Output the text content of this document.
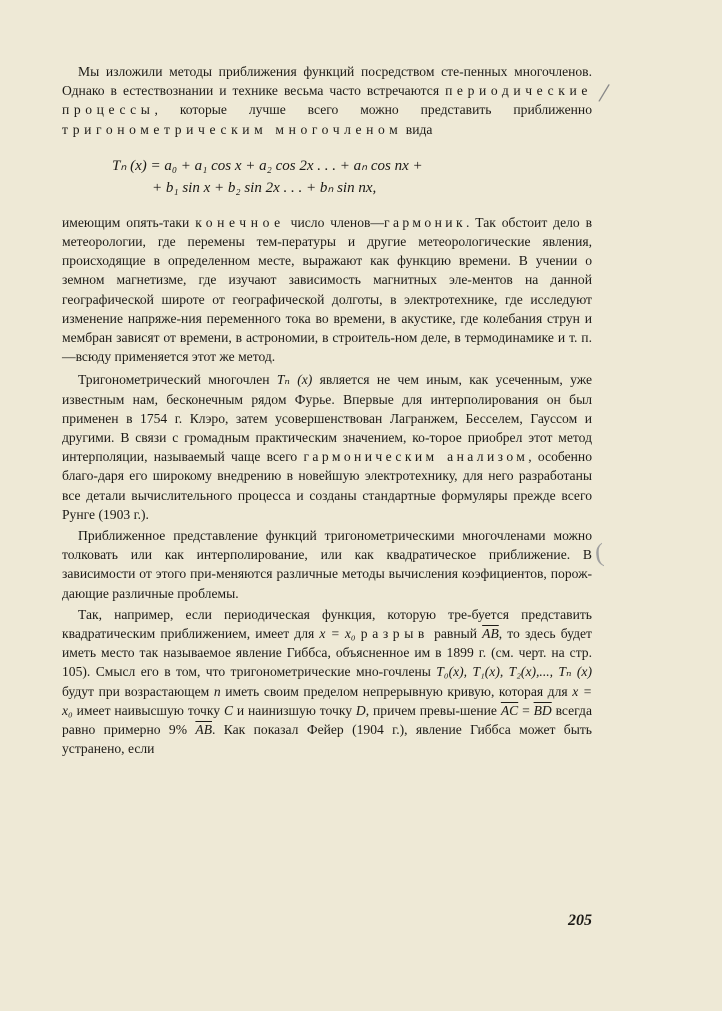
Мы изложили методы приближения функций посредством сте-пенных многочленов. Однако в естествознании и технике весьма часто встречаются периодические процессы, которые лучше всего можно представить приближенно тригонометрическим многочленом вида

Tₙ (x) = a₀ + a₁ cos x + a₂ cos 2x . . . + aₙ cos nx +
+ b₁ sin x + b₂ sin 2x . . . + bₙ sin nx,

имеющим опять-таки конечное число членов—гармоник. Так обстоит дело в метеорологии, где перемены тем-пературы и другие метеорологические явления, происходящие в определенном месте, выражают как функцию времени. В учении о земном магнетизме, где изучают зависимость магнитных эле-ментов на данной географической широте от географической долготы, в электротехнике, где исследуют изменение напряже-ния переменного тока во времени, в акустике, где колебания струн и мембран зависят от времени, в астрономии, в строитель-ном деле, в термодинамике и т. п.—всюду применяется этот же метод.

Тригонометрический многочлен Tₙ (x) является не чем иным, как усеченным, уже известным нам, бесконечным рядом Фурье. Впервые для интерполирования он был применен в 1754 г. Клэро, затем усовершенствован Лагранжем, Бесселем, Гауссом и другими. В связи с громадным практическим значением, ко-торое приобрел этот метод интерполяции, называемый чаще всего гармоническим анализом, особенно благо-даря его широкому внедрению в новейшую электротехнику, для него разработаны все детали вычислительного процесса и созданы стандартные формуляры прежде всего Рунге (1903 г.).

Приближенное представление функций тригонометрическими многочленами можно толковать или как интерполирование, или как квадратическое приближение. В зависимости от этого при-меняются различные методы вычисления коэфициентов, порож-дающие различные проблемы.

Так, например, если периодическая функция, которую тре-буется представить квадратическим приближением, имеет для x = x₀ разрыв равный $\overline{AB}$, то здесь будет иметь место так называемое явление Гиббса, объясненное им в 1899 г. (см. черт. на стр. 105). Смысл его в том, что тригонометрические мно-гочлены T₀(x), T₁(x), T₂(x),..., Tₙ (x) будут при возрастающем n иметь своим пределом непрерывную кривую, которая для x = x₀ имеет наивысшую точку C и наинизшую точку D, причем превы-шение $\overline{AC} = \overline{BD}$ всегда равно примерно 9% $\overline{AB}$. Как показал Фейер (1904 г.), явление Гиббса может быть устранено, если

205
/
(
